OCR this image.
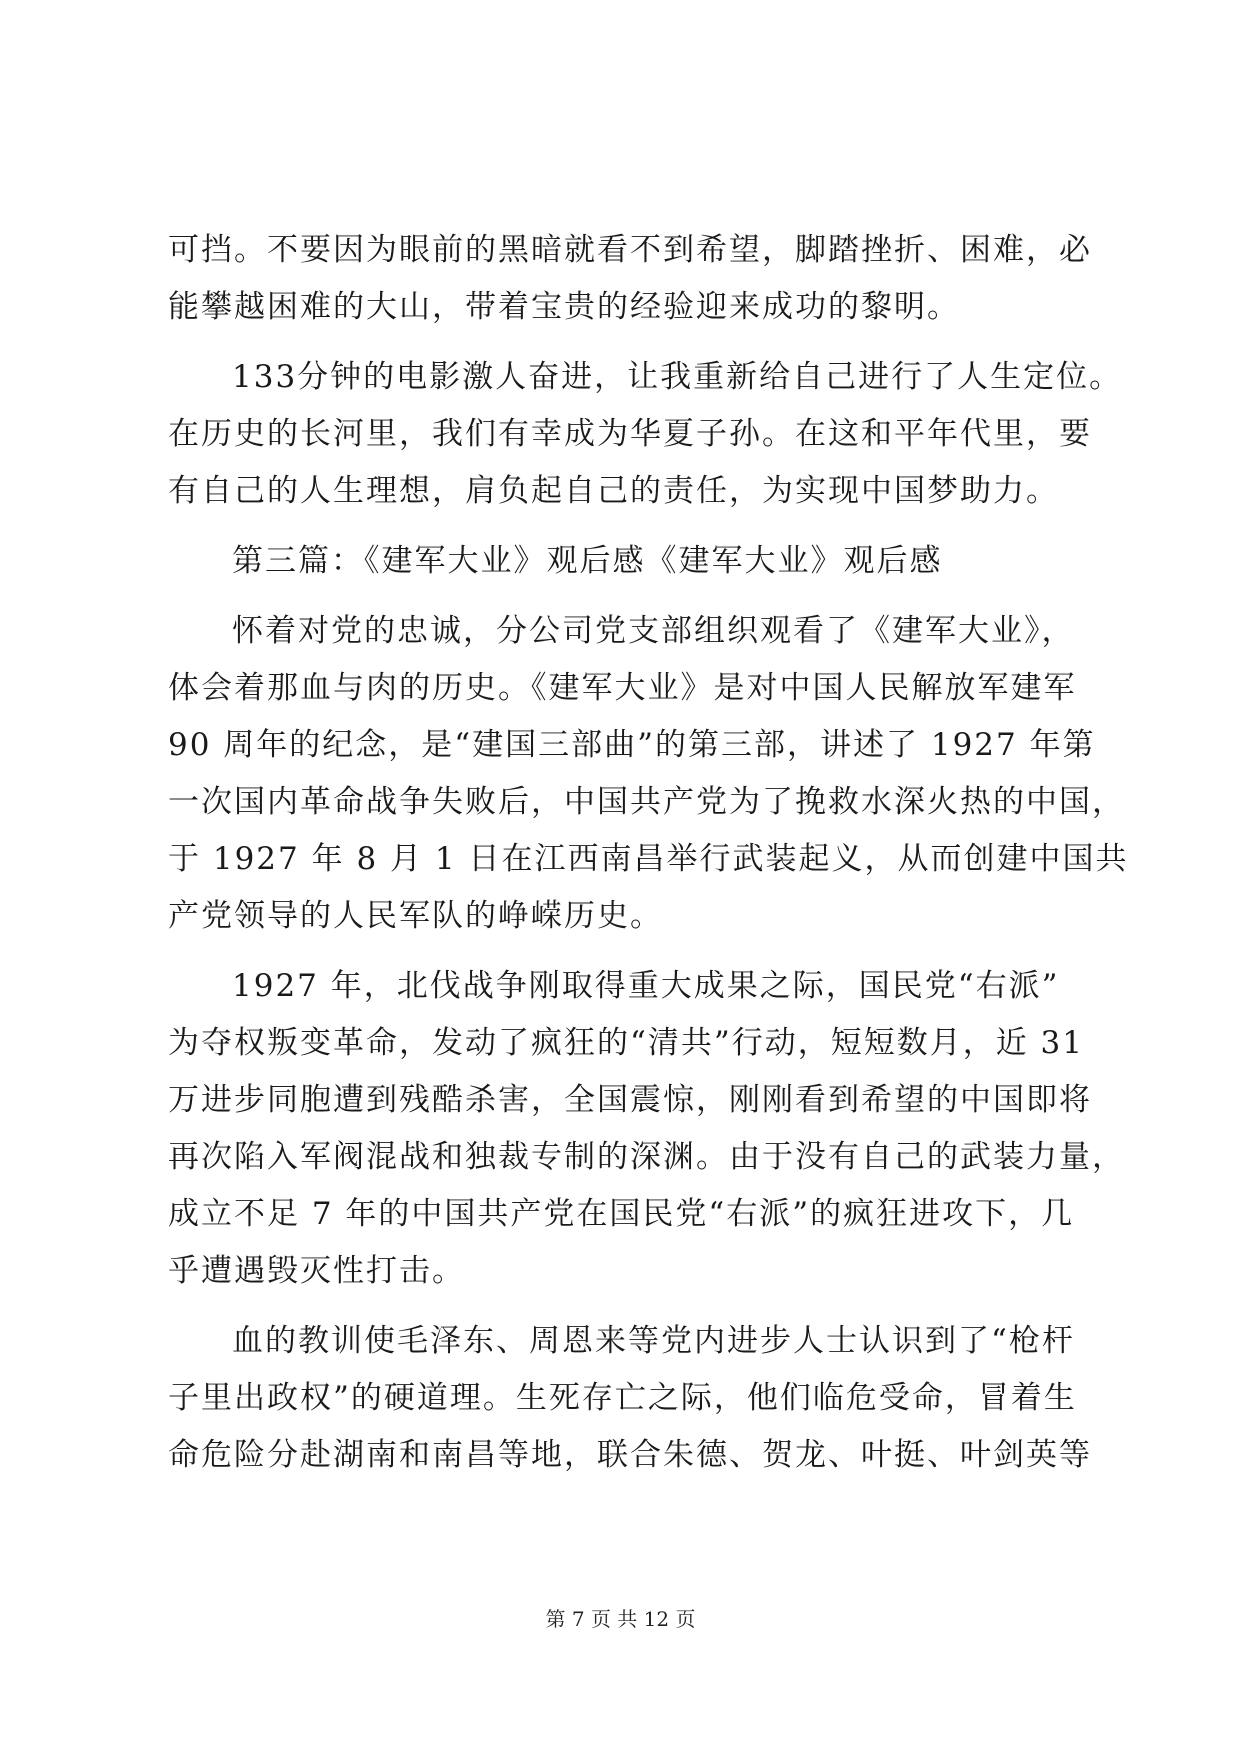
可挡。不要因为眼前的黑暗就看不到希望，脚踏挫折、困难，必
能攀越困难的大山，带着宝贵的经验迎来成功的黎明。
133分钟的电影激人奋进，让我重新给自己进行了人生定位。
在历史的长河里，我们有幸成为华夏子孙。在这和平年代里，要
有自己的人生理想，肩负起自己的责任，为实现中国梦助力。
第三篇：《建军大业》观后感《建军大业》观后感
怀着对党的忠诚，分公司党支部组织观看了《建军大业》，
体会着那血与肉的历史。《建军大业》是对中国人民解放军建军
90 周年的纪念，是“建国三部曲”的第三部，讲述了 1927 年第
一次国内革命战争失败后，中国共产党为了挽救水深火热的中国，
于 1927 年 8 月 1 日在江西南昌举行武装起义，从而创建中国共
产党领导的人民军队的峥嵘历史。
1927 年，北伐战争刚取得重大成果之际，国民党“右派”
为夺权叛变革命，发动了疯狂的“清共”行动，短短数月，近 31
万进步同胞遭到残酷杀害，全国震惊，刚刚看到希望的中国即将
再次陷入军阀混战和独裁专制的深渊。由于没有自己的武装力量，
成立不足 7 年的中国共产党在国民党“右派”的疯狂进攻下，几
乎遭遇毁灭性打击。
血的教训使毛泽东、周恩来等党内进步人士认识到了“枪杆
子里出政权”的硬道理。生死存亡之际，他们临危受命，冒着生
命危险分赴湖南和南昌等地，联合朱德、贺龙、叶挺、叶剑英等
第 7 页 共 12 页
